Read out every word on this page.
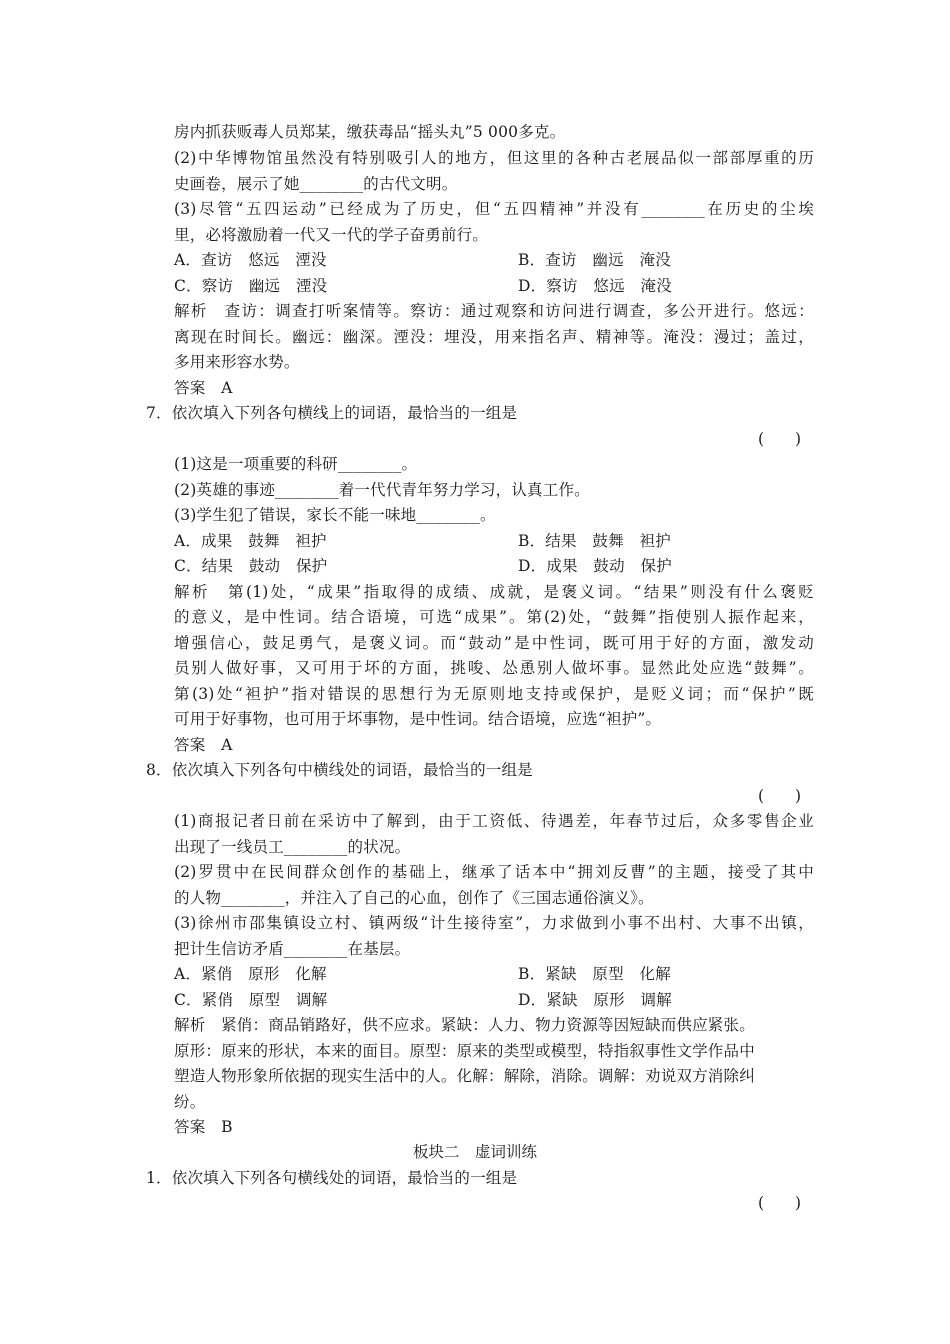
房内抓获贩毒人员郑某，缴获毒品“摇头丸”5 000多克。
(2)中华博物馆虽然没有特别吸引人的地方，但这里的各种古老展品似一部部厚重的历
史画卷，展示了她________的古代文明。
(3)尽管“五四运动”已经成为了历史，但“五四精神”并没有________在历史的尘埃
里，必将激励着一代又一代的学子奋勇前行。
A．查访　悠远　湮没	B．查访　幽远　淹没
C．察访　幽远　湮没	D．察访　悠远　淹没
解析　查访：调查打听案情等。察访：通过观察和访问进行调查，多公开进行。悠远：
离现在时间长。幽远：幽深。湮没：埋没，用来指名声、精神等。淹没：漫过；盖过，
多用来形容水势。
答案　A
7．依次填入下列各句横线上的词语，最恰当的一组是
(　　)
(1)这是一项重要的科研________。
(2)英雄的事迹________着一代代青年努力学习，认真工作。
(3)学生犯了错误，家长不能一味地________。
A．成果　鼓舞　袒护	B．结果　鼓舞　袒护
C．结果　鼓动　保护	D．成果　鼓动　保护
解析　第(1)处，“成果”指取得的成绩、成就，是褒义词。“结果”则没有什么褒贬
的意义，是中性词。结合语境，可选“成果”。第(2)处，“鼓舞”指使别人振作起来，
增强信心，鼓足勇气，是褒义词。而“鼓动”是中性词，既可用于好的方面，激发动
员别人做好事，又可用于坏的方面，挑唆、怂恿别人做坏事。显然此处应选“鼓舞”。
第(3)处“袒护”指对错误的思想行为无原则地支持或保护，是贬义词；而“保护”既
可用于好事物，也可用于坏事物，是中性词。结合语境，应选“袒护”。
答案　A
8．依次填入下列各句中横线处的词语，最恰当的一组是
(　　)
(1)商报记者日前在采访中了解到，由于工资低、待遇差，年春节过后，众多零售企业
出现了一线员工________的状况。
(2)罗贯中在民间群众创作的基础上，继承了话本中“拥刘反曹”的主题，接受了其中
的人物________，并注入了自己的心血，创作了《三国志通俗演义》。
(3)徐州市邵集镇设立村、镇两级“计生接待室”，力求做到小事不出村、大事不出镇，
把计生信访矛盾________在基层。
A．紧俏　原形　化解	B．紧缺　原型　化解
C．紧俏　原型　调解	D．紧缺　原形　调解
解析　紧俏：商品销路好，供不应求。紧缺：人力、物力资源等因短缺而供应紧张。
原形：原来的形状，本来的面目。原型：原来的类型或模型，特指叙事性文学作品中
塑造人物形象所依据的现实生活中的人。化解：解除，消除。调解：劝说双方消除纠
纷。
答案　B
板块二　虚词训练
1．依次填入下列各句横线处的词语，最恰当的一组是
(　　)
